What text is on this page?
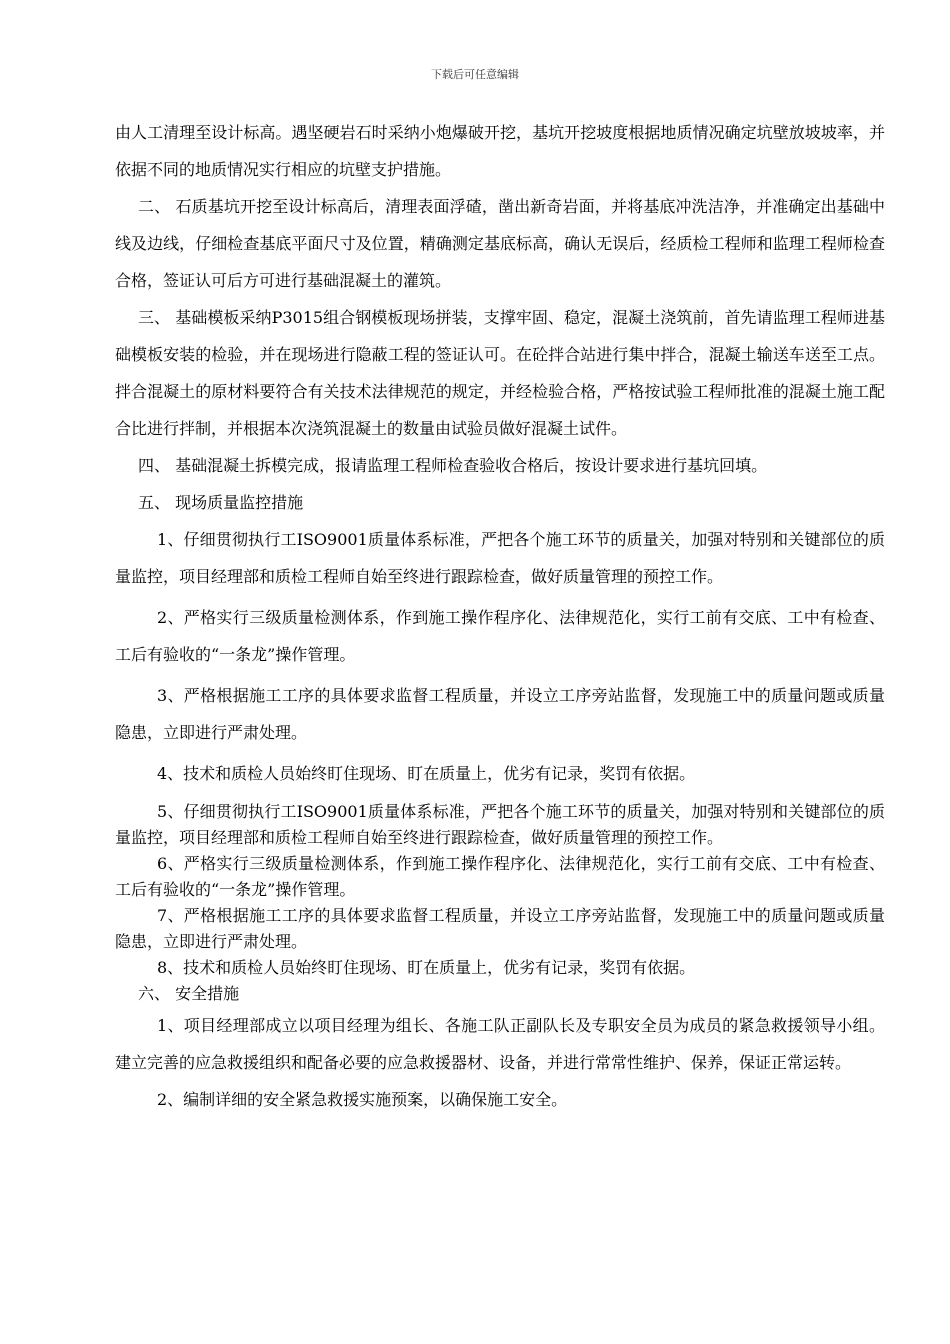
下载后可任意编辑

由人工清理至设计标高。遇坚硬岩石时采纳小炮爆破开挖，基坑开挖坡度根据地质情况确定坑壁放坡坡率，并依据不同的地质情况实行相应的坑壁支护措施。

二、 石质基坑开挖至设计标高后，清理表面浮碴，凿出新奇岩面，并将基底冲洗洁净，并准确定出基础中线及边线，仔细检查基底平面尺寸及位置，精确测定基底标高，确认无误后，经质检工程师和监理工程师检查合格，签证认可后方可进行基础混凝土的灌筑。

三、 基础模板采纳P3015组合钢模板现场拼装，支撑牢固、稳定，混凝土浇筑前，首先请监理工程师进基础模板安装的检验，并在现场进行隐蔽工程的签证认可。在砼拌合站进行集中拌合，混凝土输送车送至工点。拌合混凝土的原材料要符合有关技术法律规范的规定，并经检验合格，严格按试验工程师批准的混凝土施工配合比进行拌制，并根据本次浇筑混凝土的数量由试验员做好混凝土试件。

四、 基础混凝土拆模完成，报请监理工程师检查验收合格后，按设计要求进行基坑回填。

五、 现场质量监控措施

1、仔细贯彻执行工ISO9001质量体系标准，严把各个施工环节的质量关，加强对特别和关键部位的质量监控，项目经理部和质检工程师自始至终进行跟踪检查，做好质量管理的预控工作。

2、严格实行三级质量检测体系，作到施工操作程序化、法律规范化，实行工前有交底、工中有检查、工后有验收的“一条龙”操作管理。

3、严格根据施工工序的具体要求监督工程质量，并设立工序旁站监督，发现施工中的质量问题或质量隐患，立即进行严肃处理。

4、技术和质检人员始终盯住现场、盯在质量上，优劣有记录，奖罚有依据。

5、仔细贯彻执行工ISO9001质量体系标准，严把各个施工环节的质量关，加强对特别和关键部位的质量监控，项目经理部和质检工程师自始至终进行跟踪检查，做好质量管理的预控工作。

6、严格实行三级质量检测体系，作到施工操作程序化、法律规范化，实行工前有交底、工中有检查、工后有验收的“一条龙”操作管理。

7、严格根据施工工序的具体要求监督工程质量，并设立工序旁站监督，发现施工中的质量问题或质量隐患，立即进行严肃处理。

8、技术和质检人员始终盯住现场、盯在质量上，优劣有记录，奖罚有依据。

六、 安全措施

1、项目经理部成立以项目经理为组长、各施工队正副队长及专职安全员为成员的紧急救援领导小组。建立完善的应急救援组织和配备必要的应急救援器材、设备，并进行常常性维护、保养，保证正常运转。

2、编制详细的安全紧急救援实施预案，以确保施工安全。
